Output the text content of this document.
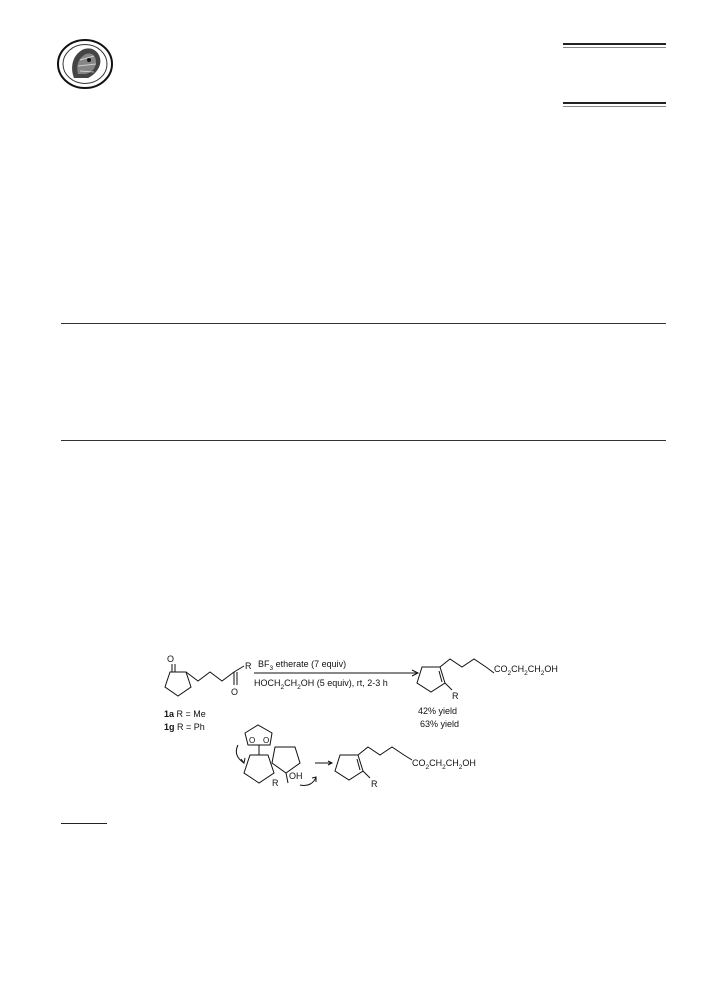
O
O
R $BF_3$ etherate (7 equiv)
$HOCH_2CH_2OH$ (5 equiv), rt, 2-3 h
$CO_2CH_2CH_2OH$
R
1a R = Me
1g R = Ph
42% yield
63% yield
O O
OH
R
$CO_2CH_2CH_2OH$
R
